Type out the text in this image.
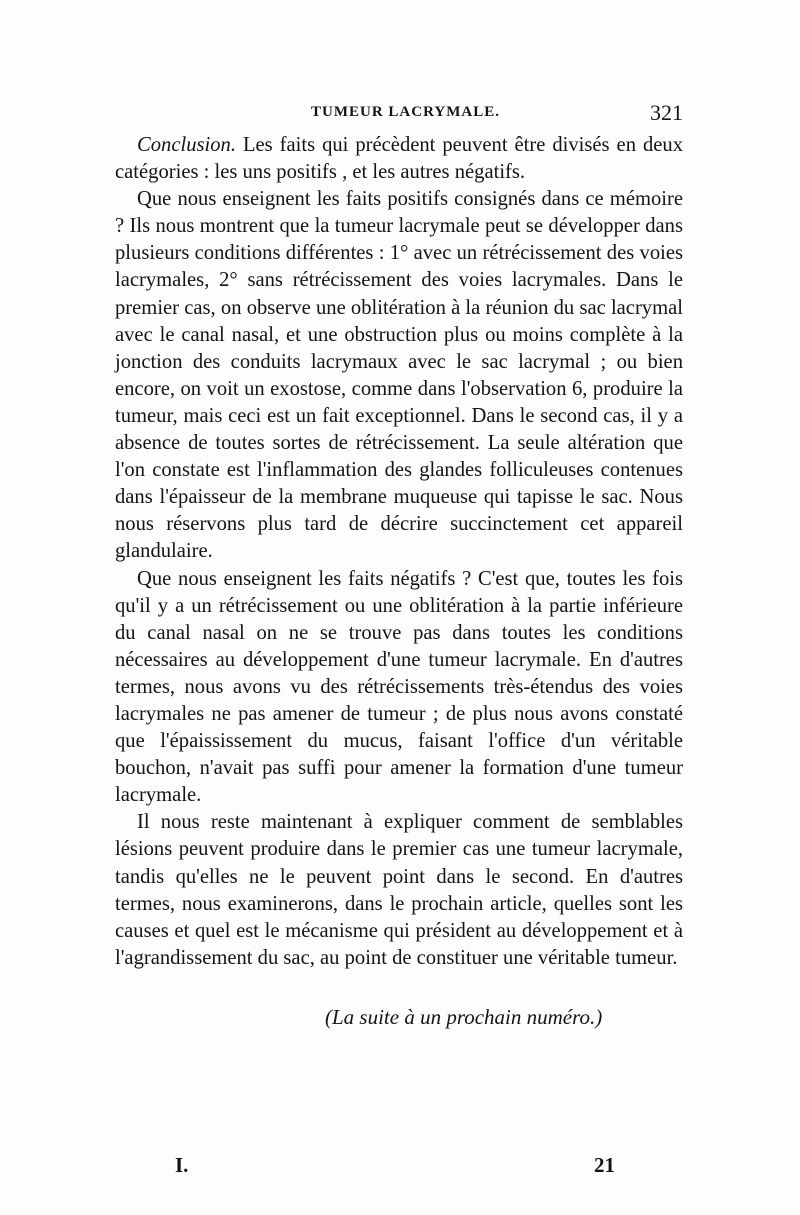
TUMEUR LACRYMALE.	321

Conclusion. Les faits qui précèdent peuvent être divisés en deux catégories : les uns positifs , et les autres négatifs.

Que nous enseignent les faits positifs consignés dans ce mémoire ? Ils nous montrent que la tumeur lacrymale peut se développer dans plusieurs conditions différentes : 1° avec un rétrécissement des voies lacrymales, 2° sans rétrécissement des voies lacrymales. Dans le premier cas, on observe une oblitération à la réunion du sac lacrymal avec le canal nasal, et une obstruction plus ou moins complète à la jonction des conduits lacrymaux avec le sac lacrymal ; ou bien encore, on voit un exostose, comme dans l'observation 6, produire la tumeur, mais ceci est un fait exceptionnel. Dans le second cas, il y a absence de toutes sortes de rétrécissement. La seule altération que l'on constate est l'inflammation des glandes folliculeuses contenues dans l'épaisseur de la membrane muqueuse qui tapisse le sac. Nous nous réservons plus tard de décrire succinctement cet appareil glandulaire.

Que nous enseignent les faits négatifs ? C'est que, toutes les fois qu'il y a un rétrécissement ou une oblitération à la partie inférieure du canal nasal on ne se trouve pas dans toutes les conditions nécessaires au développement d'une tumeur lacrymale. En d'autres termes, nous avons vu des rétrécissements très-étendus des voies lacrymales ne pas amener de tumeur ; de plus nous avons constaté que l'épaississement du mucus, faisant l'office d'un véritable bouchon, n'avait pas suffi pour amener la formation d'une tumeur lacrymale.

Il nous reste maintenant à expliquer comment de semblables lésions peuvent produire dans le premier cas une tumeur lacrymale, tandis qu'elles ne le peuvent point dans le second. En d'autres termes, nous examinerons, dans le prochain article, quelles sont les causes et quel est le mécanisme qui président au développement et à l'agrandissement du sac, au point de constituer une véritable tumeur.

(La suite à un prochain numéro.)
I.	21
